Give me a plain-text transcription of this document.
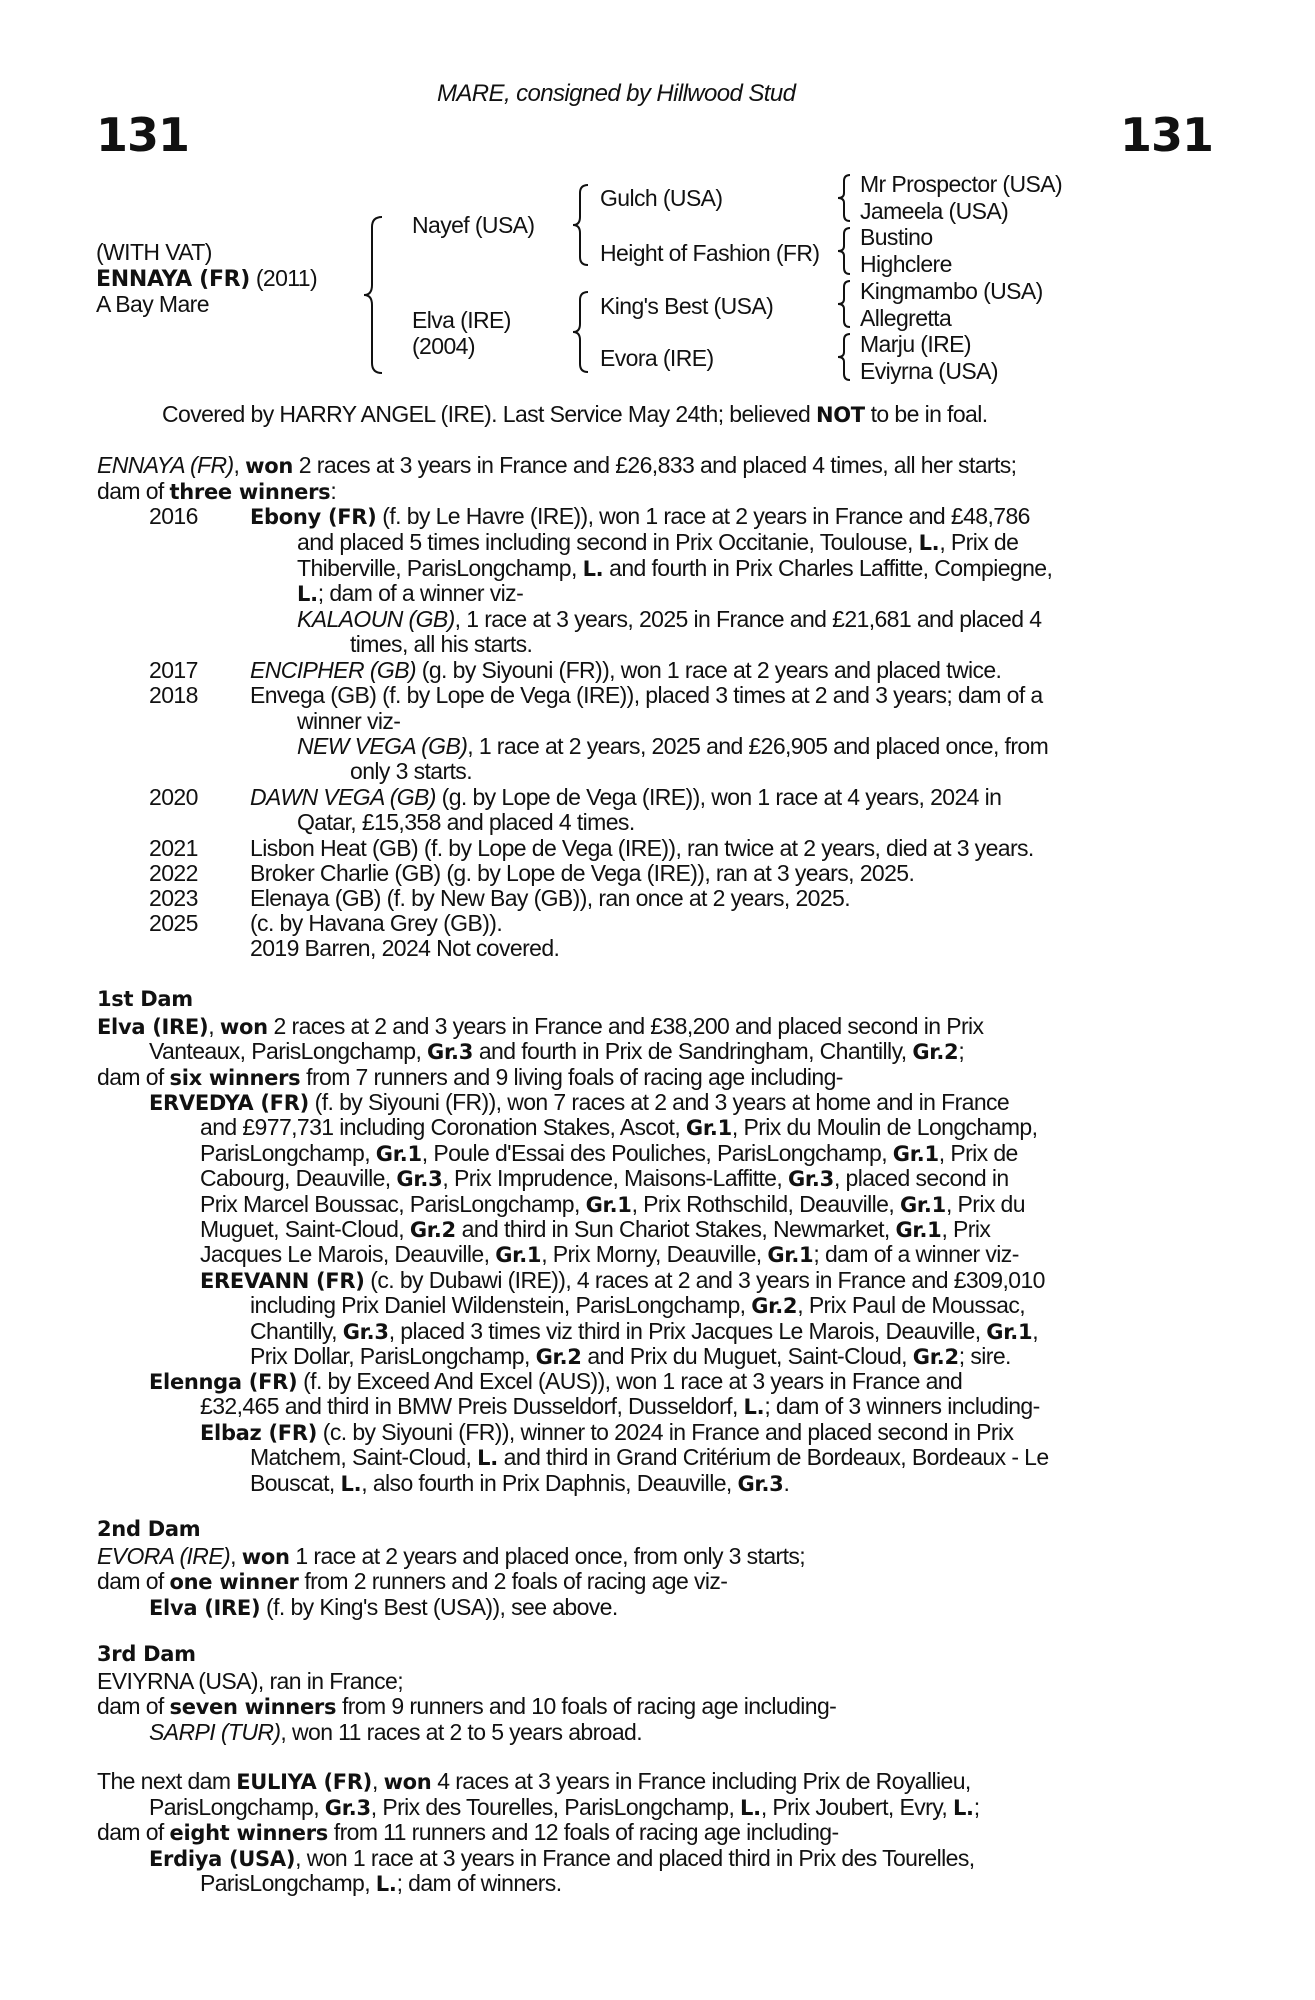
MARE, consigned by Hillwood Stud
131	131
(WITH VAT)
ENNAYA (FR) (2011)
A Bay Mare
Nayef (USA)
Elva (IRE)
(2004)
Gulch (USA)
Height of Fashion (FR)
King's Best (USA)
Evora (IRE)
Mr Prospector (USA)
Jameela (USA)
Bustino
Highclere
Kingmambo (USA)
Allegretta
Marju (IRE)
Eviyrna (USA)
Covered by HARRY ANGEL (IRE). Last Service May 24th; believed NOT to be in foal.
ENNAYA (FR), won 2 races at 3 years in France and £26,833 and placed 4 times, all her starts;
dam of three winners:
2016 Ebony (FR) (f. by Le Havre (IRE)), won 1 race at 2 years in France and £48,786
and placed 5 times including second in Prix Occitanie, Toulouse, L., Prix de
Thiberville, ParisLongchamp, L. and fourth in Prix Charles Laffitte, Compiegne,
L.; dam of a winner viz-
KALAOUN (GB), 1 race at 3 years, 2025 in France and £21,681 and placed 4
times, all his starts.
2017 ENCIPHER (GB) (g. by Siyouni (FR)), won 1 race at 2 years and placed twice.
2018 Envega (GB) (f. by Lope de Vega (IRE)), placed 3 times at 2 and 3 years; dam of a
winner viz-
NEW VEGA (GB), 1 race at 2 years, 2025 and £26,905 and placed once, from
only 3 starts.
2020 DAWN VEGA (GB) (g. by Lope de Vega (IRE)), won 1 race at 4 years, 2024 in
Qatar, £15,358 and placed 4 times.
2021 Lisbon Heat (GB) (f. by Lope de Vega (IRE)), ran twice at 2 years, died at 3 years.
2022 Broker Charlie (GB) (g. by Lope de Vega (IRE)), ran at 3 years, 2025.
2023 Elenaya (GB) (f. by New Bay (GB)), ran once at 2 years, 2025.
2025 (c. by Havana Grey (GB)).
2019 Barren, 2024 Not covered.
1st Dam
Elva (IRE), won 2 races at 2 and 3 years in France and £38,200 and placed second in Prix
Vanteaux, ParisLongchamp, Gr.3 and fourth in Prix de Sandringham, Chantilly, Gr.2;
dam of six winners from 7 runners and 9 living foals of racing age including-
ERVEDYA (FR) (f. by Siyouni (FR)), won 7 races at 2 and 3 years at home and in France
and £977,731 including Coronation Stakes, Ascot, Gr.1, Prix du Moulin de Longchamp,
ParisLongchamp, Gr.1, Poule d'Essai des Pouliches, ParisLongchamp, Gr.1, Prix de
Cabourg, Deauville, Gr.3, Prix Imprudence, Maisons-Laffitte, Gr.3, placed second in
Prix Marcel Boussac, ParisLongchamp, Gr.1, Prix Rothschild, Deauville, Gr.1, Prix du
Muguet, Saint-Cloud, Gr.2 and third in Sun Chariot Stakes, Newmarket, Gr.1, Prix
Jacques Le Marois, Deauville, Gr.1, Prix Morny, Deauville, Gr.1; dam of a winner viz-
EREVANN (FR) (c. by Dubawi (IRE)), 4 races at 2 and 3 years in France and £309,010
including Prix Daniel Wildenstein, ParisLongchamp, Gr.2, Prix Paul de Moussac,
Chantilly, Gr.3, placed 3 times viz third in Prix Jacques Le Marois, Deauville, Gr.1,
Prix Dollar, ParisLongchamp, Gr.2 and Prix du Muguet, Saint-Cloud, Gr.2; sire.
Elennga (FR) (f. by Exceed And Excel (AUS)), won 1 race at 3 years in France and
£32,465 and third in BMW Preis Dusseldorf, Dusseldorf, L.; dam of 3 winners including-
Elbaz (FR) (c. by Siyouni (FR)), winner to 2024 in France and placed second in Prix
Matchem, Saint-Cloud, L. and third in Grand Critérium de Bordeaux, Bordeaux - Le
Bouscat, L., also fourth in Prix Daphnis, Deauville, Gr.3.
2nd Dam
EVORA (IRE), won 1 race at 2 years and placed once, from only 3 starts;
dam of one winner from 2 runners and 2 foals of racing age viz-
Elva (IRE) (f. by King's Best (USA)), see above.
3rd Dam
EVIYRNA (USA), ran in France;
dam of seven winners from 9 runners and 10 foals of racing age including-
SARPI (TUR), won 11 races at 2 to 5 years abroad.
The next dam EULIYA (FR), won 4 races at 3 years in France including Prix de Royallieu,
ParisLongchamp, Gr.3, Prix des Tourelles, ParisLongchamp, L., Prix Joubert, Evry, L.;
dam of eight winners from 11 runners and 12 foals of racing age including-
Erdiya (USA), won 1 race at 3 years in France and placed third in Prix des Tourelles,
ParisLongchamp, L.; dam of winners.
